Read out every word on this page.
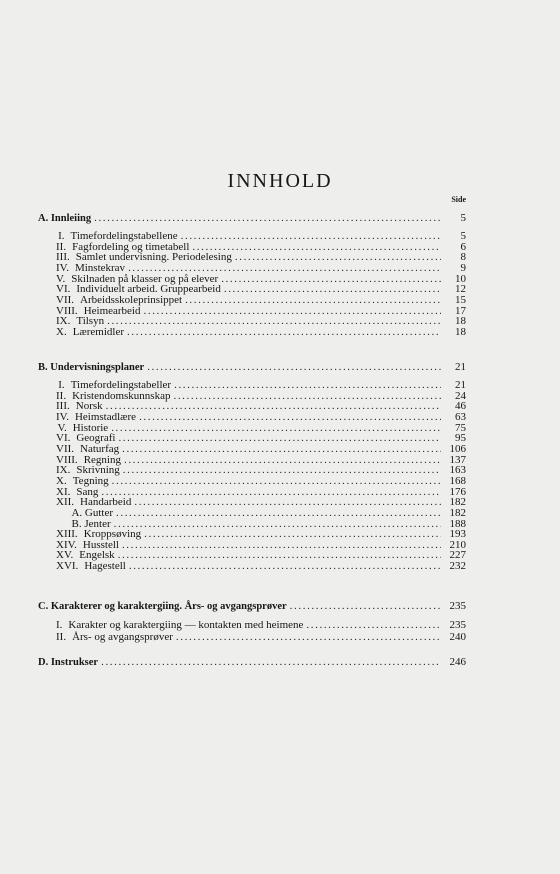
INNHOLD
Side
A. Innleiing .....	5
I. Timefordelingstabellene .....	5
II. Fagfordeling og timetabell .....	6
III. Samlet undervisning. Periodelesing .....	8
IV. Minstekrav .....	9
V. Skilnaden på klasser og på elever .....	10
VI. Individuelt arbeid. Gruppearbeid .....	12
VII. Arbeidsskoleprinsippet .....	15
VIII. Heimearbeid .....	17
IX. Tilsyn .....	18
X. Læremidler .....	18
B. Undervisningsplaner .....	21
I. Timefordelingstabeller .....	21
II. Kristendomskunnskap .....	24
III. Norsk .....	46
IV. Heimstadlære .....	63
V. Historie .....	75
VI. Geografi .....	95
VII. Naturfag .....	106
VIII. Regning .....	137
IX. Skrivning .....	163
X. Tegning .....	168
XI. Sang .....	176
XII. Handarbeid .....	182
A. Gutter .....	182
B. Jenter .....	188
XIII. Kroppsøving .....	193
XIV. Husstell .....	210
XV. Engelsk .....	227
XVI. Hagestell .....	232
C. Karakterer og karaktergiing. Års- og avgangsprøver .....	235
I. Karakter og karaktergiing — kontakten med heimene .....	235
II. Års- og avgangsprøver .....	240
D. Instrukser .....	246
